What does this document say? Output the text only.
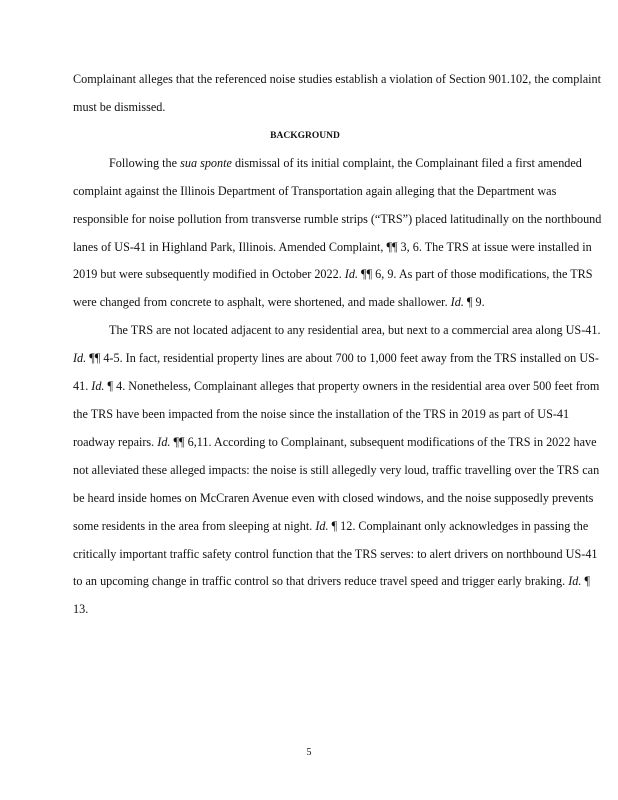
Complainant alleges that the referenced noise studies establish a violation of Section 901.102, the complaint must be dismissed.

BACKGROUND

Following the sua sponte dismissal of its initial complaint, the Complainant filed a first amended complaint against the Illinois Department of Transportation again alleging that the Department was responsible for noise pollution from transverse rumble strips (“TRS”) placed latitudinally on the northbound lanes of US-41 in Highland Park, Illinois. Amended Complaint, ¶¶ 3, 6. The TRS at issue were installed in 2019 but were subsequently modified in October 2022. Id. ¶¶ 6, 9. As part of those modifications, the TRS were changed from concrete to asphalt, were shortened, and made shallower. Id. ¶ 9.

The TRS are not located adjacent to any residential area, but next to a commercial area along US-41. Id. ¶¶ 4-5. In fact, residential property lines are about 700 to 1,000 feet away from the TRS installed on US-41. Id. ¶ 4. Nonetheless, Complainant alleges that property owners in the residential area over 500 feet from the TRS have been impacted from the noise since the installation of the TRS in 2019 as part of US-41 roadway repairs. Id. ¶¶ 6,11. According to Complainant, subsequent modifications of the TRS in 2022 have not alleviated these alleged impacts: the noise is still allegedly very loud, traffic travelling over the TRS can be heard inside homes on McCraren Avenue even with closed windows, and the noise supposedly prevents some residents in the area from sleeping at night. Id. ¶ 12. Complainant only acknowledges in passing the critically important traffic safety control function that the TRS serves: to alert drivers on northbound US-41 to an upcoming change in traffic control so that drivers reduce travel speed and trigger early braking. Id. ¶ 13.

5
